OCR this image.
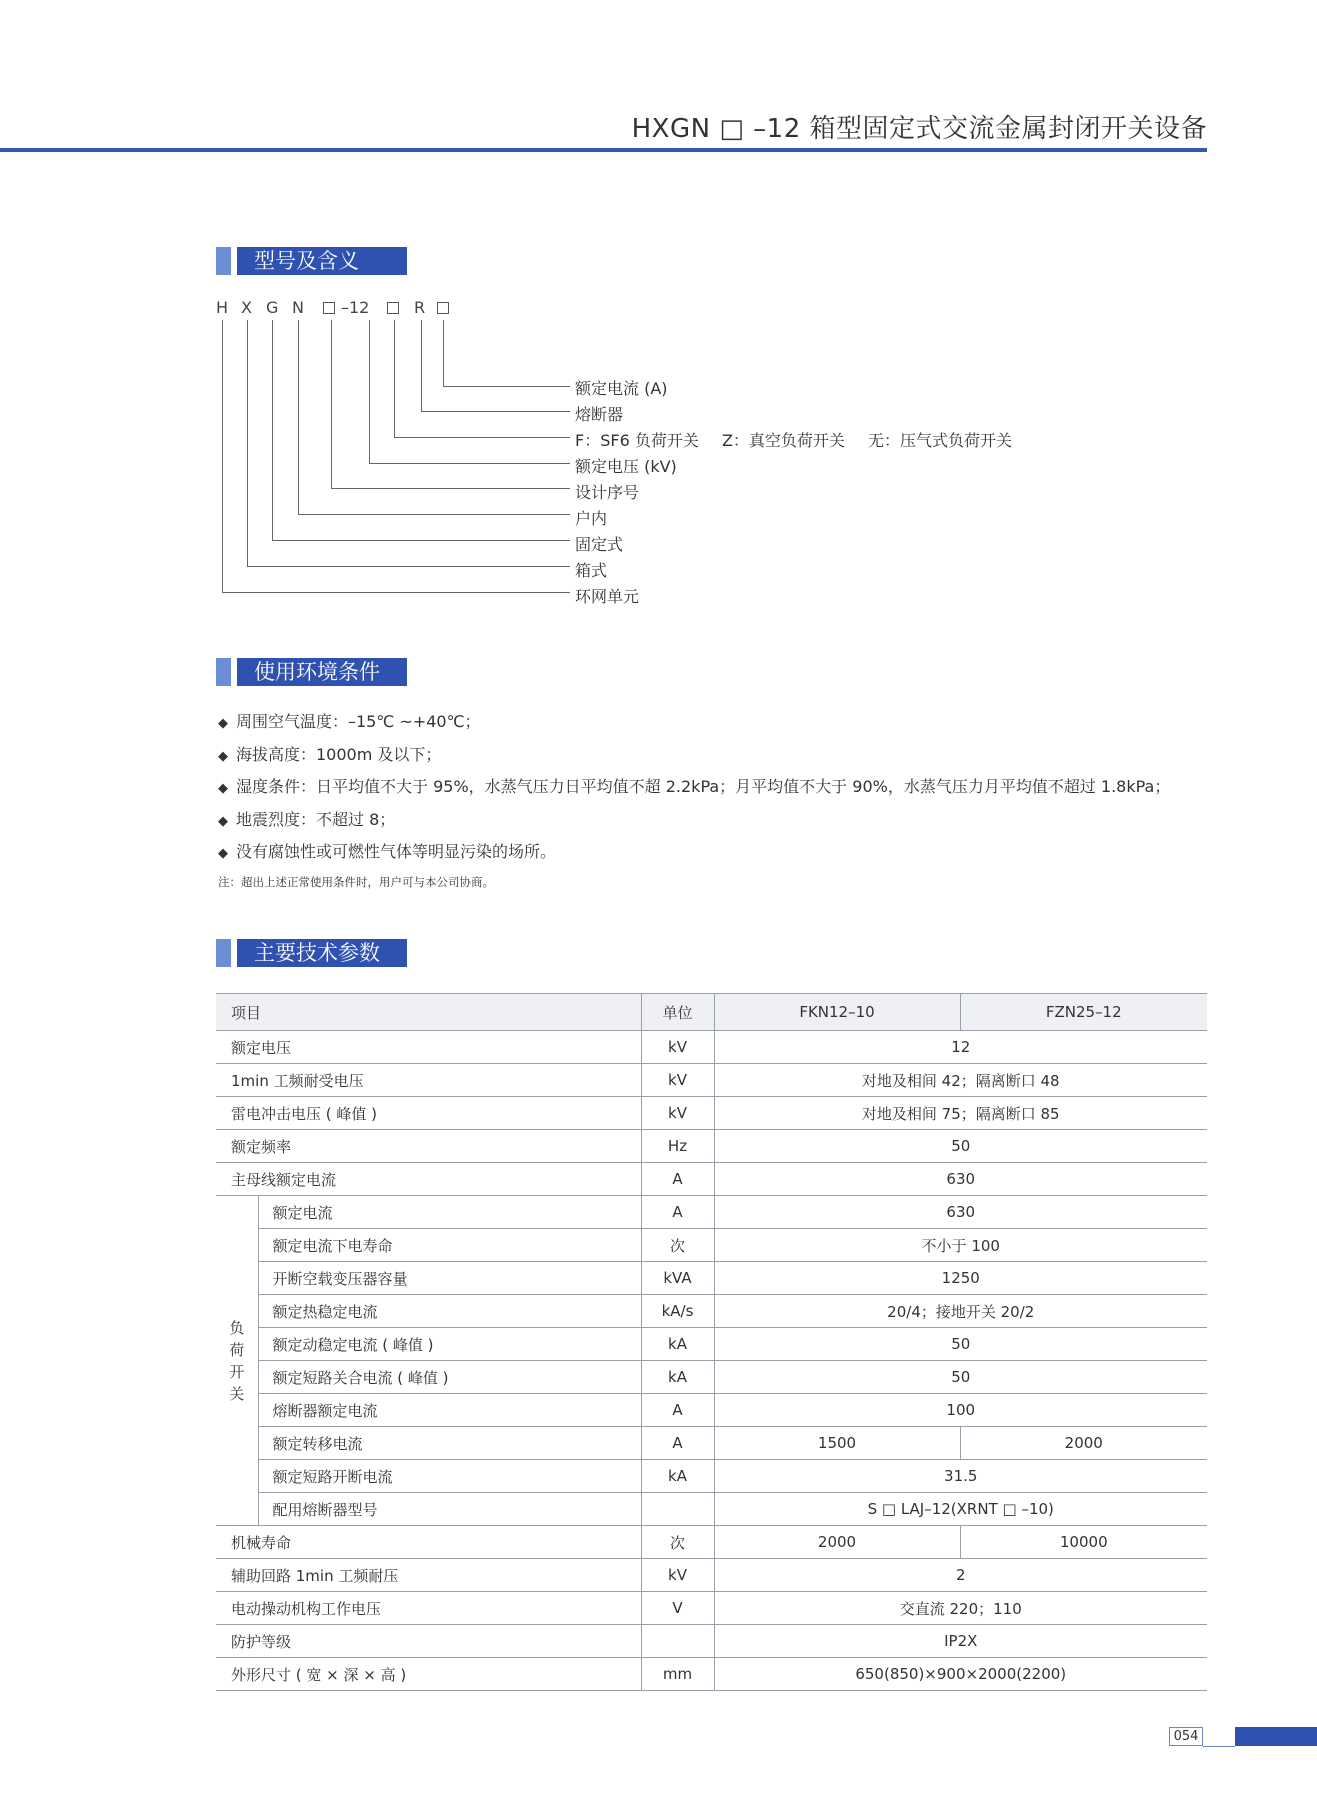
HXGN □ –12 箱型固定式交流金属封闭开关设备
型号及含义
H X G N –12	R
额定电流 (A)
熔断器
F：SF6 负荷开关 Z：真空负荷开关 无：压气式负荷开关
额定电压 (kV)
设计序号
户内
固定式
箱式
环网单元
使用环境条件
◆ 周围空气温度：–15℃ ~+40℃；
◆ 海拔高度：1000m 及以下；
◆ 湿度条件：日平均值不大于 95%，水蒸气压力日平均值不超 2.2kPa；月平均值不大于 90%，水蒸气压力月平均值不超过 1.8kPa；
◆ 地震烈度：不超过 8；
◆ 没有腐蚀性或可燃性气体等明显污染的场所。
注：超出上述正常使用条件时，用户可与本公司协商。
主要技术参数
项目		单位	FKN12–10	FZN25–12
额定电压		kV	12	
1min 工频耐受电压		kV	对地及相间 42；隔离断口 48	
雷电冲击电压 ( 峰值 )		kV	对地及相间 75；隔离断口 85	
额定频率		Hz	50	
主母线额定电流		A	630	

负
荷
开
关	额定电流	A	630	
	额定电流下电寿命	次	不小于 100	
	开断空载变压器容量	kVA	1250	
	额定热稳定电流	kA/s	20/4；接地开关 20/2	
	额定动稳定电流 ( 峰值 )	kA	50	
	额定短路关合电流 ( 峰值 )	kA	50	
	熔断器额定电流	A	100	
	额定转移电流	A	1500	2000
	额定短路开断电流	kA	31.5	
	配用熔断器型号		S □ LAJ–12(XRNT □ –10)	
机械寿命		次	2000	10000
辅助回路 1min 工频耐压		kV	2	
电动操动机构工作电压		V	交直流 220；110	
防护等级			IP2X	
外形尺寸 ( 宽 × 深 × 高 )		mm	650(850)×900×2000(2200)	
054
